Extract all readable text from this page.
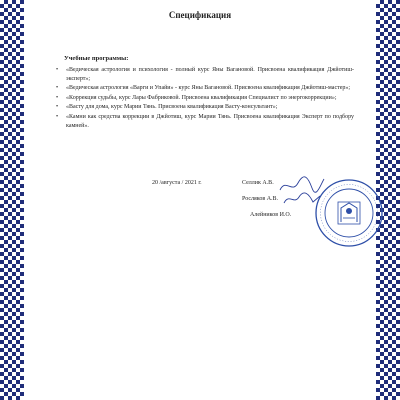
Спецификация
Учебные программы:
• «Ведическая астрология и психология - полный курс Яны Вагановой. Присвоена квалификация Джйотиш-эксперт»;
• «Ведическая астрология «Варги и Упайи» - курс Яны Вагановой. Присвоена квалификация Джйотиш-мастер»;
• «Коррекция судьбы, курс Лары Фабриковой. Присвоена квалификация Специалист по энергокоррекции»;
• «Васту для дома, курс Марии Тянь. Присвоена квалификация Васту-консультант»;
• «Камни как средства коррекции в Джйотиш, курс Марии Тянь. Присвоена квалификация Эксперт по подбору камней».
20 /августа / 2021 г.	Селлик А.В.
Росляков А.В.
Алейников И.О.
